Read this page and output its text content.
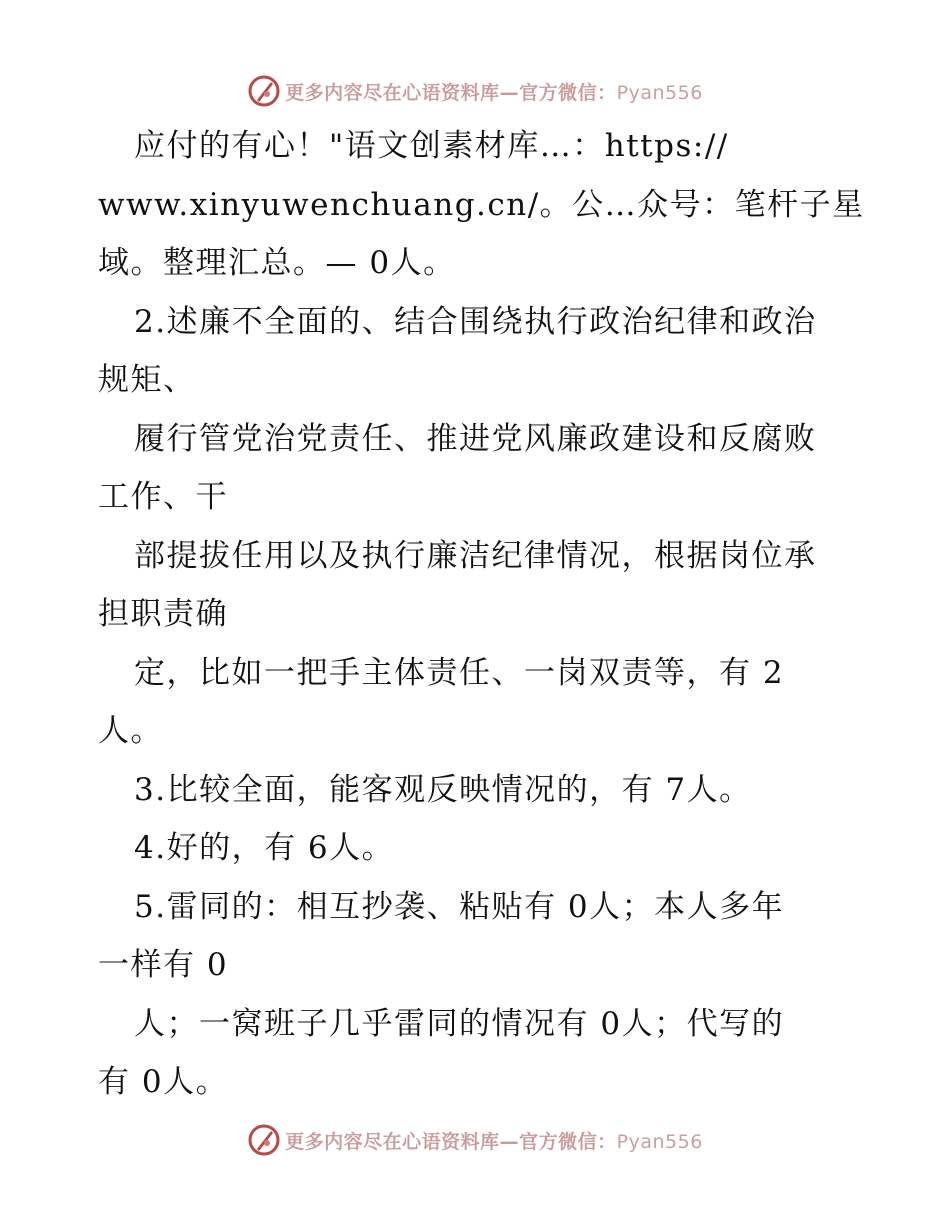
更多内容尽在心语资料库—官方微信：Pyan556
应付的有心！"语文创素材库…：https://
www.xinyuwenchuang.cn/。公…众号：笔杆子星
域。整理汇总。— 0人。
2.述廉不全面的、结合围绕执行政治纪律和政治
规矩、
履行管党治党责任、推进党风廉政建设和反腐败
工作、干
部提拔任用以及执行廉洁纪律情况，根据岗位承
担职责确
定，比如一把手主体责任、一岗双责等，有 2
人。
3.比较全面，能客观反映情况的，有 7人。
4.好的，有 6人。
5.雷同的：相互抄袭、粘贴有 0人；本人多年
一样有 0
人；一窝班子几乎雷同的情况有 0人；代写的
有 0人。
更多内容尽在心语资料库—官方微信：Pyan556
